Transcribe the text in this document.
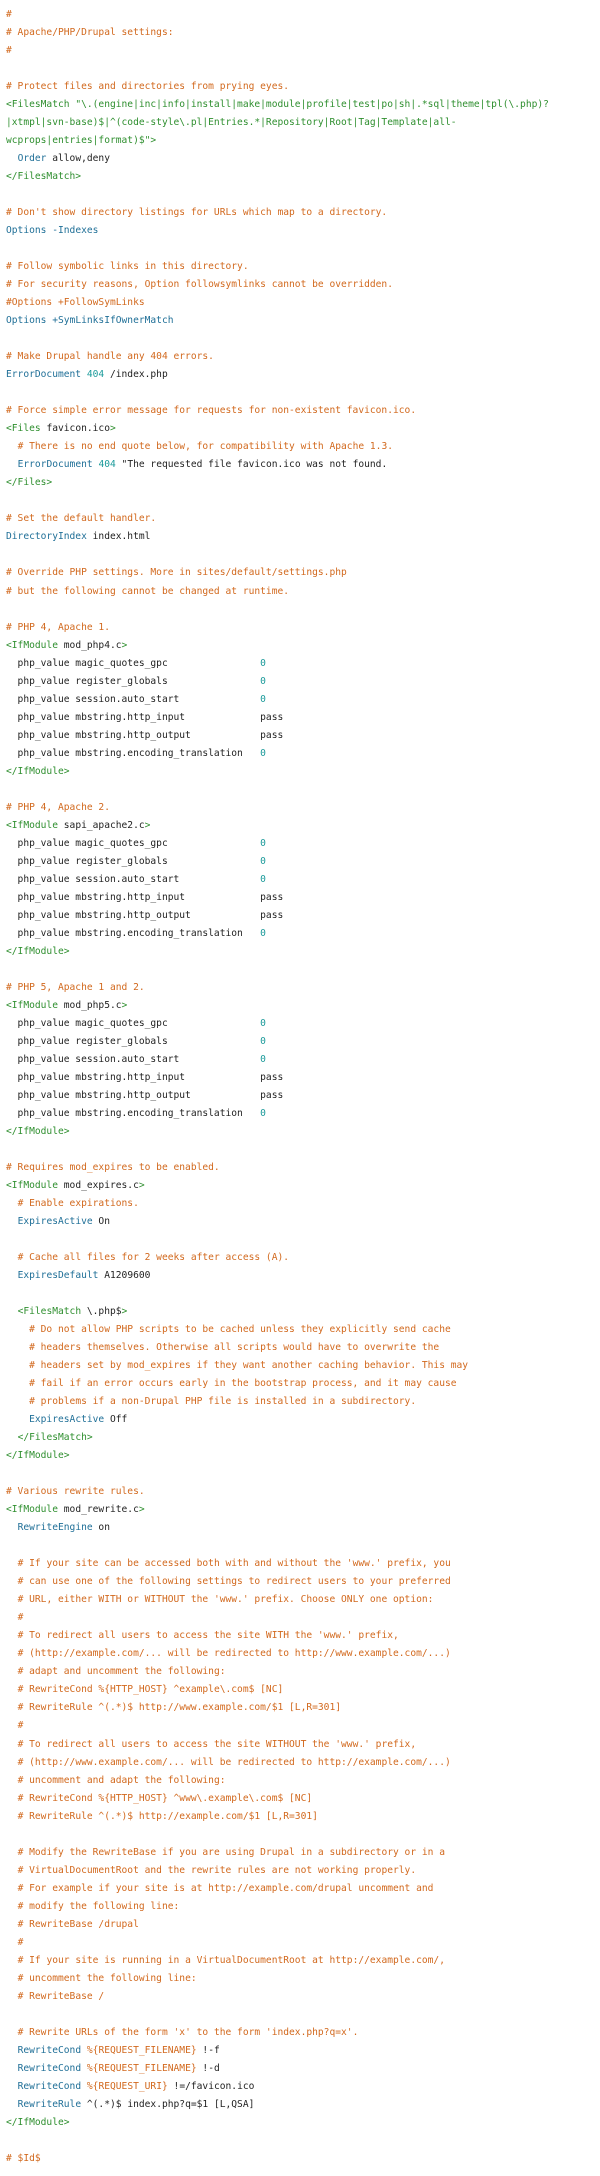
#
# Apache/PHP/Drupal settings:
#
# Protect files and directories from prying eyes.
<FilesMatch "\.(engine|inc|info|install|make|module|profile|test|po|sh|.*sql|theme|tpl(\.php)?
|xtmpl|svn-base)$|^(code-style\.pl|Entries.*|Repository|Root|Tag|Template|all-
wcprops|entries|format)$">
Order allow,deny
</FilesMatch>
# Don't show directory listings for URLs which map to a directory.
Options -Indexes
# Follow symbolic links in this directory.
# For security reasons, Option followsymlinks cannot be overridden.
#Options +FollowSymLinks
Options +SymLinksIfOwnerMatch
# Make Drupal handle any 404 errors.
ErrorDocument 404 /index.php
# Force simple error message for requests for non-existent favicon.ico.
<Files favicon.ico>
# There is no end quote below, for compatibility with Apache 1.3.
ErrorDocument 404 "The requested file favicon.ico was not found.
</Files>
# Set the default handler.
DirectoryIndex index.html
# Override PHP settings. More in sites/default/settings.php
# but the following cannot be changed at runtime.
# PHP 4, Apache 1.
<IfModule mod_php4.c>
php_value magic_quotes_gpc                0
php_value register_globals                0
php_value session.auto_start              0
php_value mbstring.http_input             pass
php_value mbstring.http_output            pass
php_value mbstring.encoding_translation   0
</IfModule>
# PHP 4, Apache 2.
<IfModule sapi_apache2.c>
php_value magic_quotes_gpc                0
php_value register_globals                0
php_value session.auto_start              0
php_value mbstring.http_input             pass
php_value mbstring.http_output            pass
php_value mbstring.encoding_translation   0
</IfModule>
# PHP 5, Apache 1 and 2.
<IfModule mod_php5.c>
php_value magic_quotes_gpc                0
php_value register_globals                0
php_value session.auto_start              0
php_value mbstring.http_input             pass
php_value mbstring.http_output            pass
php_value mbstring.encoding_translation   0
</IfModule>
# Requires mod_expires to be enabled.
<IfModule mod_expires.c>
# Enable expirations.
ExpiresActive On
# Cache all files for 2 weeks after access (A).
ExpiresDefault A1209600
<FilesMatch \.php$>
# Do not allow PHP scripts to be cached unless they explicitly send cache
# headers themselves. Otherwise all scripts would have to overwrite the
# headers set by mod_expires if they want another caching behavior. This may
# fail if an error occurs early in the bootstrap process, and it may cause
# problems if a non-Drupal PHP file is installed in a subdirectory.
ExpiresActive Off
</FilesMatch>
</IfModule>
# Various rewrite rules.
<IfModule mod_rewrite.c>
RewriteEngine on
# If your site can be accessed both with and without the 'www.' prefix, you
# can use one of the following settings to redirect users to your preferred
# URL, either WITH or WITHOUT the 'www.' prefix. Choose ONLY one option:
#
# To redirect all users to access the site WITH the 'www.' prefix,
# (http://example.com/... will be redirected to http://www.example.com/...)
# adapt and uncomment the following:
# RewriteCond %{HTTP_HOST} ^example\.com$ [NC]
# RewriteRule ^(.*)$ http://www.example.com/$1 [L,R=301]
#
# To redirect all users to access the site WITHOUT the 'www.' prefix,
# (http://www.example.com/... will be redirected to http://example.com/...)
# uncomment and adapt the following:
# RewriteCond %{HTTP_HOST} ^www\.example\.com$ [NC]
# RewriteRule ^(.*)$ http://example.com/$1 [L,R=301]
# Modify the RewriteBase if you are using Drupal in a subdirectory or in a
# VirtualDocumentRoot and the rewrite rules are not working properly.
# For example if your site is at http://example.com/drupal uncomment and
# modify the following line:
# RewriteBase /drupal
#
# If your site is running in a VirtualDocumentRoot at http://example.com/,
# uncomment the following line:
# RewriteBase /
# Rewrite URLs of the form 'x' to the form 'index.php?q=x'.
RewriteCond %{REQUEST_FILENAME} !-f
RewriteCond %{REQUEST_FILENAME} !-d
RewriteCond %{REQUEST_URI} !=/favicon.ico
RewriteRule ^(.*)$ index.php?q=$1 [L,QSA]
</IfModule>
# $Id$
